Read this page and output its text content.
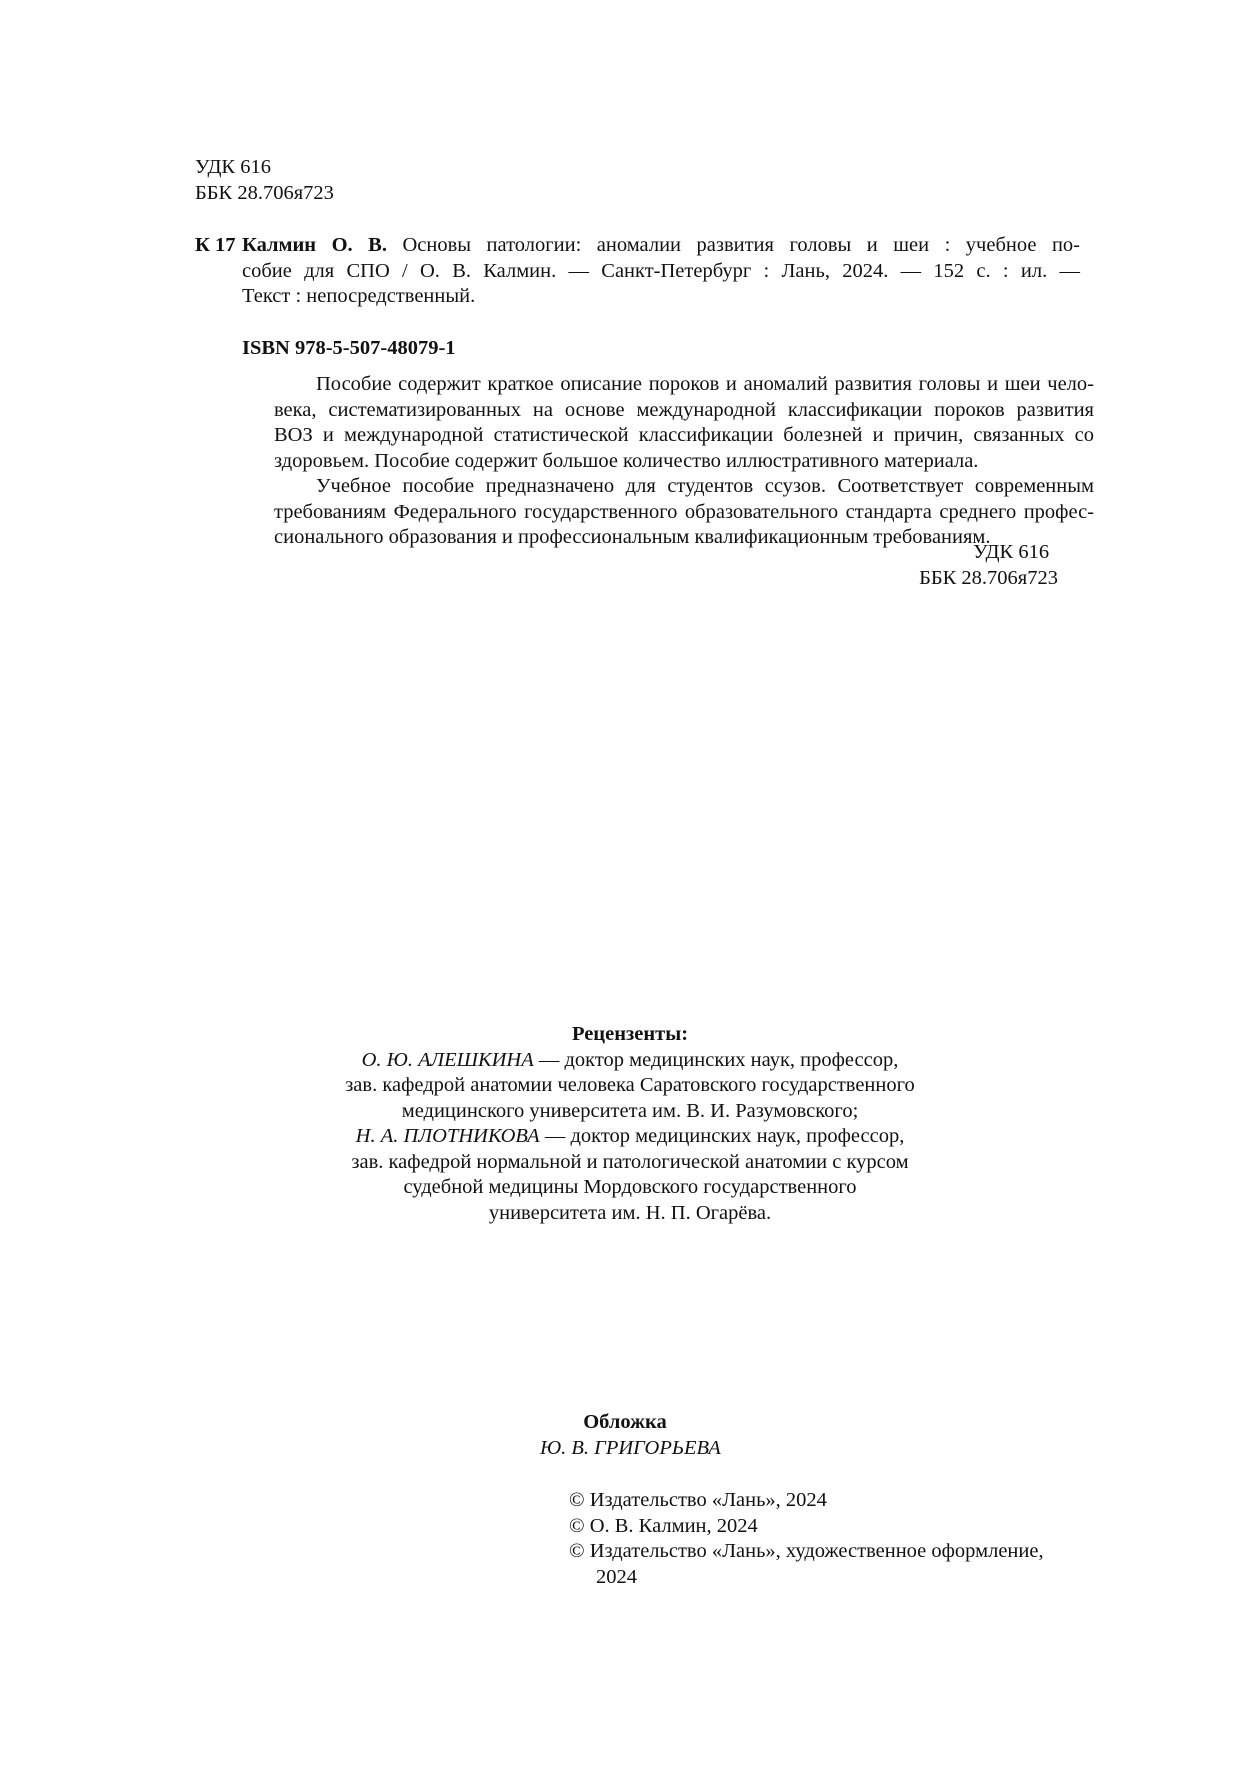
УДК 616
ББК 28.706я723
К 17 Калмин О. В. Основы патологии: аномалии развития головы и шеи : учебное по-
собие для СПО / О. В. Калмин. — Санкт-Петербург : Лань, 2024. — 152 с. : ил. —
Текст : непосредственный.
ISBN 978-5-507-48079-1
Пособие содержит краткое описание пороков и аномалий развития головы и шеи чело-
века, систематизированных на основе международной классификации пороков развития
ВОЗ и международной статистической классификации болезней и причин, связанных со
здоровьем. Пособие содержит большое количество иллюстративного материала.
Учебное пособие предназначено для студентов ссузов. Соответствует современным
требованиям Федерального государственного образовательного стандарта среднего профес-
сионального образования и профессиональным квалификационным требованиям.
УДК 616
ББК 28.706я723
Рецензенты:
О. Ю. АЛЕШКИНА — доктор медицинских наук, профессор,
зав. кафедрой анатомии человека Саратовского государственного
медицинского университета им. В. И. Разумовского;
Н. А. ПЛОТНИКОВА — доктор медицинских наук, профессор,
зав. кафедрой нормальной и патологической анатомии с курсом
судебной медицины Мордовского государственного
университета им. Н. П. Огарёва.
Обложка
Ю. В. ГРИГОРЬЕВА
© Издательство «Лань», 2024
© О. В. Калмин, 2024
© Издательство «Лань», художественное оформление,
2024
